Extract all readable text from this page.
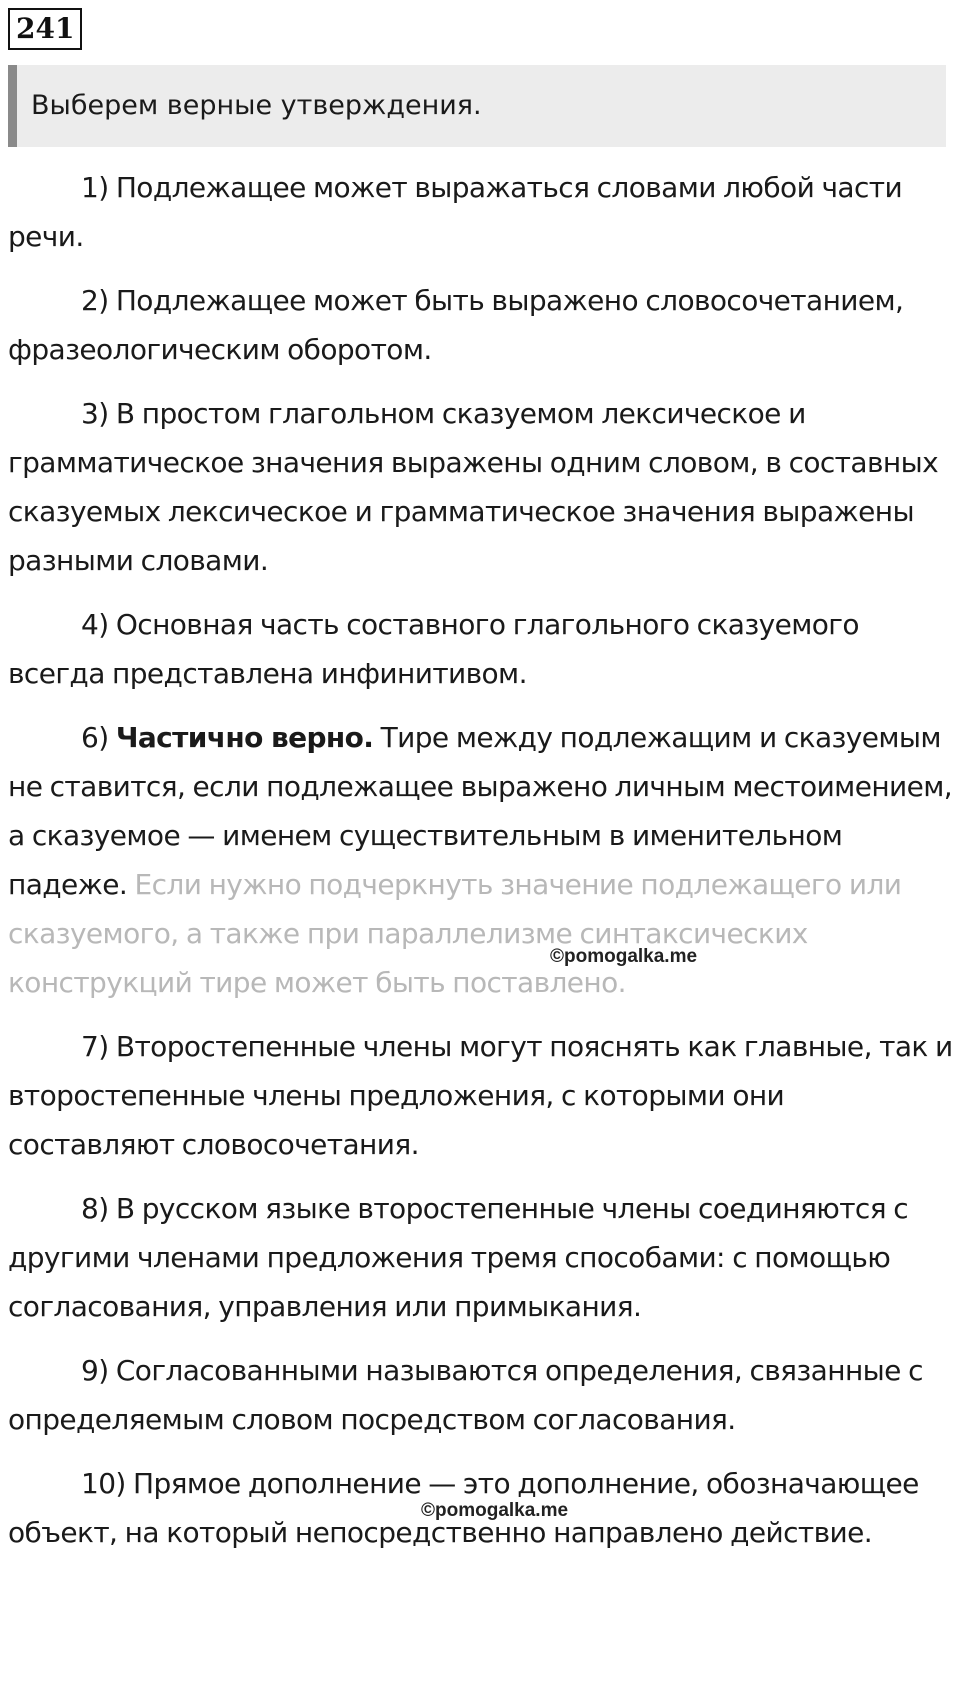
241
Выберем верные утверждения.

1) Подлежащее может выражаться словами любой части речи.

2) Подлежащее может быть выражено словосочетанием, фразеологическим оборотом.

3) В простом глагольном сказуемом лексическое и грамматическое значения выражены одним словом, в составных сказуемых лексическое и грамматическое значения выражены разными словами.

4) Основная часть составного глагольного сказуемого всегда представлена инфинитивом.

6) Частично верно. Тире между подлежащим и сказуемым не ставится, если подлежащее выражено личным местоимением, а сказуемое — именем существительным в именительном падеже. Если нужно подчеркнуть значение подлежащего или сказуемого, а также при параллелизме синтаксических конструкций тире может быть поставлено.

7) Второстепенные члены могут пояснять как главные, так и второстепенные члены предложения, с которыми они составляют словосочетания.

8) В русском языке второстепенные члены соединяются с другими членами предложения тремя способами: с помощью согласования, управления или примыкания.

9) Согласованными называются определения, связанные с определяемым словом посредством согласования.

10) Прямое дополнение — это дополнение, обозначающее объект, на который непосредственно направлено действие.

©pomogalka.me
©pomogalka.me
